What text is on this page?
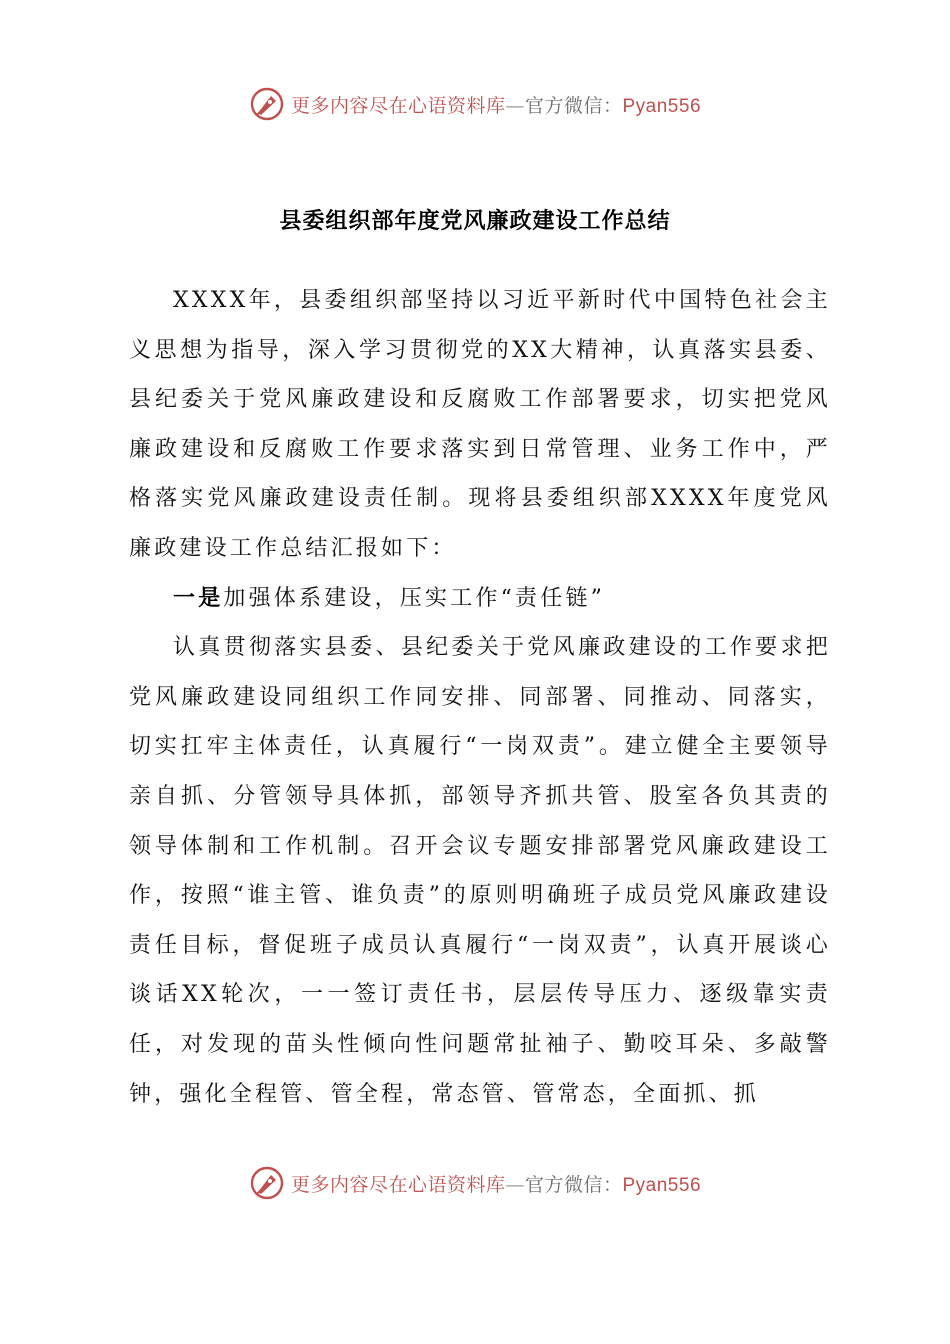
更多内容尽在心语资料库—官方微信：Pyan556
县委组织部年度党风廉政建设工作总结

XXXX年，县委组织部坚持以习近平新时代中国特色社会主义思想为指导，深入学习贯彻党的XX大精神，认真落实县委、县纪委关于党风廉政建设和反腐败工作部署要求，切实把党风廉政建设和反腐败工作要求落实到日常管理、业务工作中，严格落实党风廉政建设责任制。现将县委组织部XXXX年度党风廉政建设工作总结汇报如下：

一是加强体系建设，压实工作“责任链”

认真贯彻落实县委、县纪委关于党风廉政建设的工作要求把党风廉政建设同组织工作同安排、同部署、同推动、同落实，切实扛牢主体责任，认真履行“一岗双责”。建立健全主要领导亲自抓、分管领导具体抓，部领导齐抓共管、股室各负其责的领导体制和工作机制。召开会议专题安排部署党风廉政建设工作，按照“谁主管、谁负责”的原则明确班子成员党风廉政建设责任目标，督促班子成员认真履行“一岗双责”，认真开展谈心谈话XX轮次，一一签订责任书，层层传导压力、逐级靠实责任，对发现的苗头性倾向性问题常扯袖子、勤咬耳朵、多敲警钟，强化全程管、管全程，常态管、管常态，全面抓、抓

更多内容尽在心语资料库—官方微信：Pyan556
